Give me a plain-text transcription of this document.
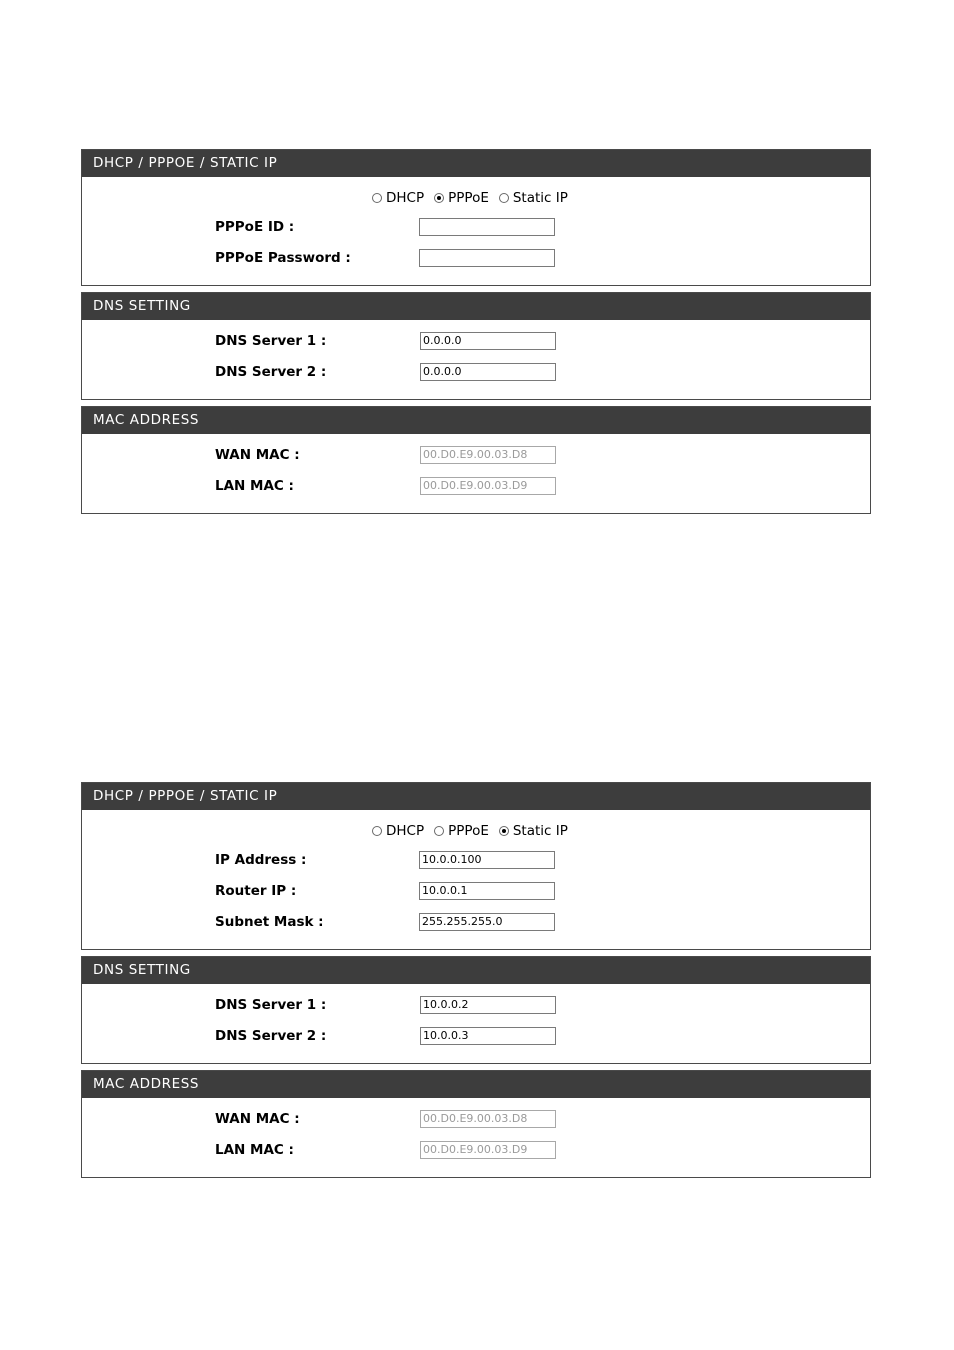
DHCP / PPPOE / STATIC IP
DHCP PPPoE Static IP
PPPoE ID :
PPPoE Password :
DNS SETTING
DNS Server 1 :	0.0.0.0
DNS Server 2 :	0.0.0.0
MAC ADDRESS
WAN MAC :	00.D0.E9.00.03.D8
LAN MAC :	00.D0.E9.00.03.D9
DHCP / PPPOE / STATIC IP
DHCP PPPoE Static IP
IP Address :	10.0.0.100
Router IP :	10.0.0.1
Subnet Mask :	255.255.255.0
DNS SETTING
DNS Server 1 :	10.0.0.2
DNS Server 2 :	10.0.0.3
MAC ADDRESS
WAN MAC :	00.D0.E9.00.03.D8
LAN MAC :	00.D0.E9.00.03.D9
